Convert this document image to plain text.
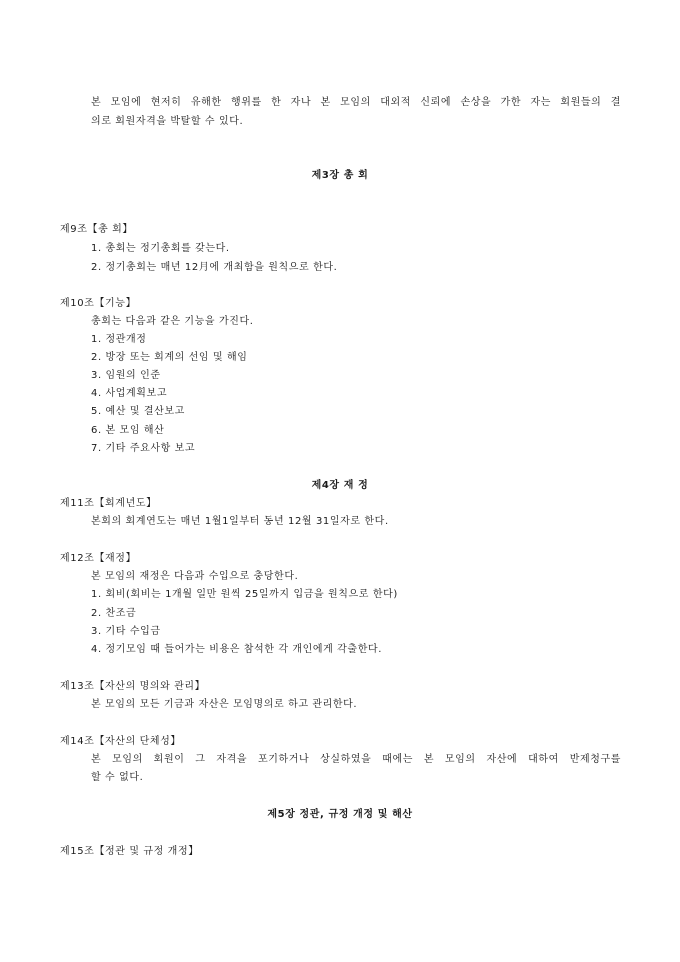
본 모임에 현저히 유해한 행위를 한 자나 본 모임의 대외적 신뢰에 손상을 가한 자는 회원들의 결
의로 회원자격을 박탈할 수 있다.
제3장 총 회
제9조【총 회】
1. 총회는 정기총회를 갖는다.
2. 정기총회는 매년 12月에 개최함을 원칙으로 한다.
제10조【기능】
총회는 다음과 같은 기능을 가진다.
1. 정관개정
2. 방장 또는 회계의 선임 및 해임
3. 임원의 인준
4. 사업계획보고
5. 예산 및 결산보고
6. 본 모임 해산
7. 기타 주요사항 보고
제4장 재 정
제11조【회계년도】
본회의 회계연도는 매년 1월1일부터 동년 12월 31일자로 한다.
제12조【재정】
본 모임의 재정은 다음과 수입으로 충당한다.
1. 회비(회비는 1개월 일만 원씩 25일까지 입금을 원칙으로 한다)
2. 찬조금
3. 기타 수입금
4. 정기모임 때 들어가는 비용은 참석한 각 개인에게 각출한다.
제13조【자산의 명의와 관리】
본 모임의 모든 기금과 자산은 모임명의로 하고 관리한다.
제14조【자산의 단체성】
본 모임의 회원이 그 자격을 포기하거나 상실하였을 때에는 본 모임의 자산에 대하여 반제청구를
할 수 없다.
제5장 정관, 규정 개정 및 해산
제15조【정관 및 규정 개정】
